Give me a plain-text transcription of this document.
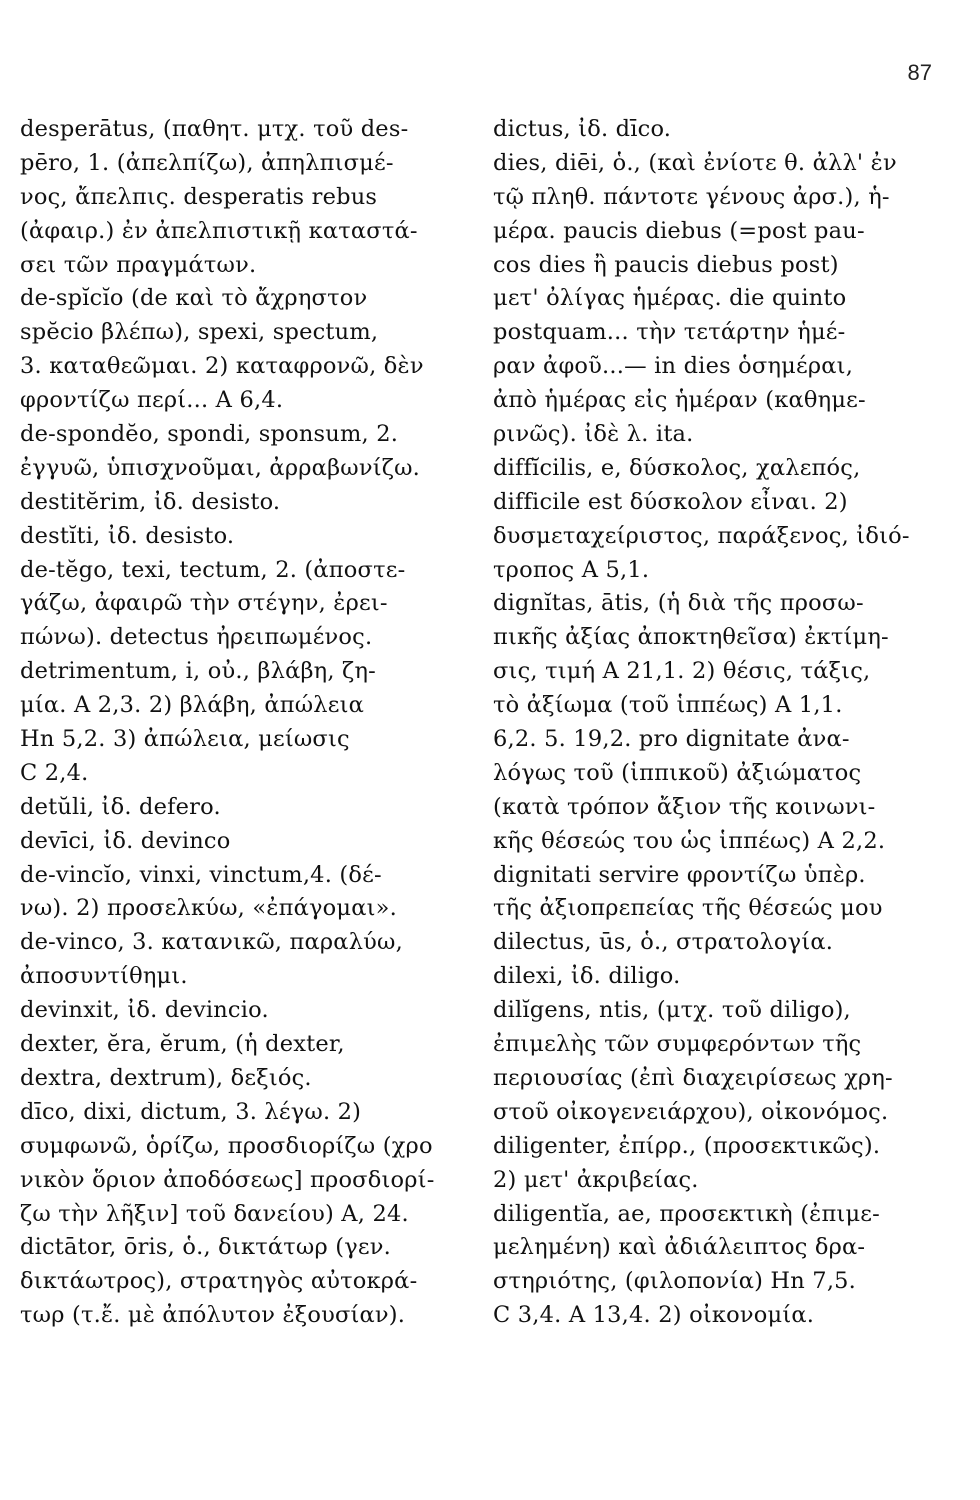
87
desperātus, (παθητ. μτχ. τοῦ des-
pēro, 1. (ἀπελπίζω), ἀπηλπισμέ-
νος, ἄπελπις. desperatis rebus
(ἀφαιρ.) ἐν ἀπελπιστικῇ καταστά-
σει τῶν πραγμάτων.
de-spĭcĭo (de καὶ τὸ ἄχρηστον
spĕcio βλέπω), spexi, spectum,
3. καταθεῶμαι. 2) καταφρονῶ, δὲν
φροντίζω περί... A 6,4.
de-spondĕo, spondi, sponsum, 2.
ἐγγυῶ, ὑπισχνοῦμαι, ἀρραβωνίζω.
destitĕrim, ἰδ. desisto.
destĭti, ἰδ. desisto.
de-tĕgo, texi, tectum, 2. (ἀποστε-
γάζω, ἀφαιρῶ τὴν στέγην, ἐρει-
πώνω). detectus ἠρειπωμένος.
detrimentum, i, οὐ., βλάβη, ζη-
μία. A 2,3. 2) βλάβη, ἀπώλεια
Hn 5,2. 3) ἀπώλεια, μείωσις
C 2,4.
detŭli, ἰδ. defero.
devīci, ἰδ. devinco
de-vincĭo, vinxi, vinctum,4. (δέ-
νω). 2) προσελκύω, «ἐπάγομαι».
de-vinco, 3. κατανικῶ, παραλύω,
ἀποσυντίθημι.
devinxit, ἰδ. devincio.
dexter, ĕra, ĕrum, (ἡ dexter,
dextra, dextrum), δεξιός.
dīco, dixi, dictum, 3. λέγω. 2)
συμφωνῶ, ὁρίζω, προσδιορίζω (χρο
νικὸν ὅριον ἀποδόσεως] προσδιορί-
ζω τὴν λῆξιν] τοῦ δανείου) A, 24.
dictātor, ōris, ὁ., δικτάτωρ (γεν.
δικτάωτρος), στρατηγὸς αὐτοκρά-
τωρ (τ.ἔ. μὲ ἀπόλυτον ἐξουσίαν).
dictus, ἰδ. dīco.
dies, diēi, ὁ., (καὶ ἐνίοτε θ. ἀλλ' ἐν
τῷ πληθ. πάντοτε γένους ἀρσ.), ἡ-
μέρα. paucis diebus (=post pau-
cos dies ἢ paucis diebus post)
μετ' ὀλίγας ἡμέρας. die quinto
postquam... τὴν τετάρτην ἡμέ-
ραν ἀφοῦ...— in dies ὁσημέραι,
ἀπὸ ἡμέρας εἰς ἡμέραν (καθημε-
ρινῶς). ἰδὲ λ. ita.
diffĭcilis, e, δύσκολος, χαλεπός,
difficile est δύσκολον εἶναι. 2)
δυσμεταχείριστος, παράξενος, ἰδιό-
τροπος A 5,1.
dignĭtas, ātis, (ἡ διὰ τῆς προσω-
πικῆς ἀξίας ἀποκτηθεῖσα) ἐκτίμη-
σις, τιμή A 21,1. 2) θέσις, τάξις,
τὸ ἀξίωμα (τοῦ ἱππέως) A 1,1.
6,2. 5. 19,2. pro dignitate ἀνα-
λόγως τοῦ (ἱππικοῦ) ἀξιώματος
(κατὰ τρόπον ἄξιον τῆς κοινωνι-
κῆς θέσεώς του ὡς ἱππέως) A 2,2.
dignitati servire φροντίζω ὑπὲρ.
τῆς ἀξιοπρεπείας τῆς θέσεώς μου
dilectus, ūs, ὁ., στρατολογία.
dilexi, ἰδ. diligo.
dilĭgens, ntis, (μτχ. τοῦ diligo),
ἐπιμελὴς τῶν συμφερόντων τῆς
περιουσίας (ἐπὶ διαχειρίσεως χρη-
στοῦ οἰκογενειάρχου), οἰκονόμος.
diligenter, ἐπίρρ., (προσεκτικῶς).
2) μετ' ἀκριβείας.
diligentĭa, ae, προσεκτικὴ (ἐπιμε-
μελημένη) καὶ ἀδιάλειπτος δρα-
στηριότης, (φιλοπονία) Hn 7,5.
C 3,4. A 13,4. 2) οἰκονομία.
